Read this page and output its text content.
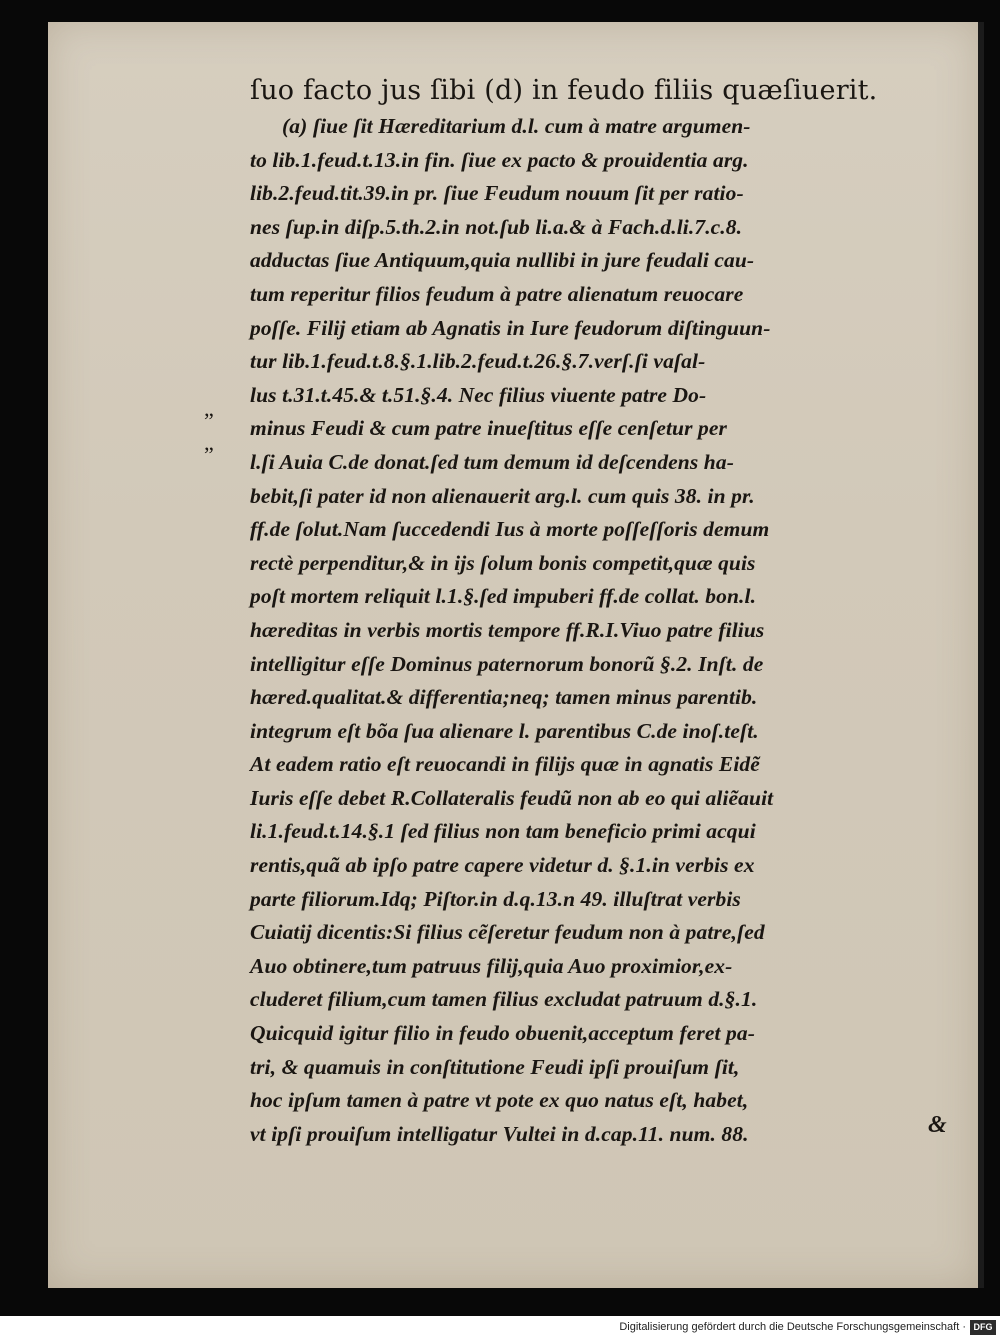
ſuo facto jus ſibi (d) in feudo filiis quæſiuerit.
(a) ſiue ſit Hæreditarium d.l. cum à matre argumen-
to lib.1.feud.t.13.in fin. ſiue ex pacto & prouidentia arg.
lib.2.feud.tit.39.in pr. ſiue Feudum nouum ſit per ratio-
nes ſup.in diſp.5.th.2.in not.ſub li.a.& à Fach.d.li.7.c.8.
adductas ſiue Antiquum,quia nullibi in jure feudali cau-
tum reperitur filios feudum à patre alienatum reuocare
poſſe. Filij etiam ab Agnatis in Iure feudorum diſtinguun-
tur lib.1.feud.t.8.§.1.lib.2.feud.t.26.§.7.verſ.ſi vaſal-
lus t.31.t.45.& t.51.§.4. Nec filius viuente patre Do-
minus Feudi & cum patre inueſtitus eſſe cenſetur per
l.ſi Auia C.de donat.ſed tum demum id deſcendens ha-
bebit,ſi pater id non alienauerit arg.l. cum quis 38. in pr.
ff.de ſolut.Nam ſuccedendi Ius à morte poſſeſſoris demum
rectè perpenditur,& in ijs ſolum bonis competit,quæ quis
poſt mortem reliquit l.1.§.ſed impuberi ff.de collat. bon.l.
hæreditas in verbis mortis tempore ff.R.I.Viuo patre filius
intelligitur eſſe Dominus paternorum bonorũ §.2. Inſt. de
hæred.qualitat.& differentia;neq; tamen minus parentib.
integrum eſt bõa ſua alienare l. parentibus C.de inoſ.teſt.
At eadem ratio eſt reuocandi in filijs quæ in agnatis Eidẽ
Iuris eſſe debet R.Collateralis feudũ non ab eo qui aliẽauit
li.1.feud.t.14.§.1 ſed filius non tam beneficio primi acqui
rentis,quã ab ipſo patre capere videtur d. §.1.in verbis ex
parte filiorum.Idq; Piſtor.in d.q.13.n 49. illuſtrat verbis
Cuiatij dicentis:Si filius cẽſeretur feudum non à patre,ſed
Auo obtinere,tum patruus filij,quia Auo proximior,ex-
cluderet filium,cum tamen filius excludat patruum d.§.1.
Quicquid igitur filio in feudo obuenit,acceptum feret pa-
tri, & quamuis in conſtitutione Feudi ipſi prouiſum ſit,
hoc ipſum tamen à patre vt pote ex quo natus eſt, habet,
vt ipſi prouiſum intelligatur Vultei in d.cap.11. num. 88.
„
„
&
Digitalisierung gefördert durch die Deutsche Forschungsgemeinschaft · DFG
